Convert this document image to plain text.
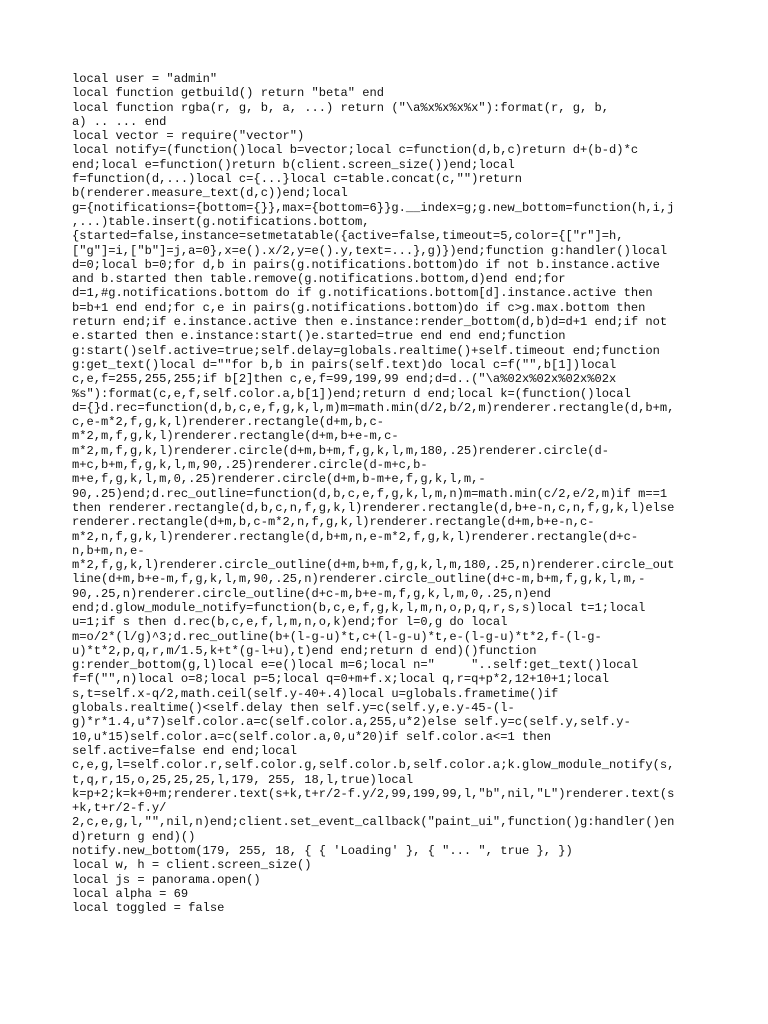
local user = "admin"
local function getbuild() return "beta" end
local function rgba(r, g, b, a, ...) return ("\a%x%x%x%x"):format(r, g, b,
a) .. ... end
local vector = require("vector")
local notify=(function()local b=vector;local c=function(d,b,c)return d+(b-d)*c
end;local e=function()return b(client.screen_size())end;local
f=function(d,...)local c={...}local c=table.concat(c,"")return
b(renderer.measure_text(d,c))end;local
g={notifications={bottom={}},max={bottom=6}}g.__index=g;g.new_bottom=function(h,i,j
,...)table.insert(g.notifications.bottom,
{started=false,instance=setmetatable({active=false,timeout=5,color={["r"]=h,
["g"]=i,["b"]=j,a=0},x=e().x/2,y=e().y,text=...},g)})end;function g:handler()local
d=0;local b=0;for d,b in pairs(g.notifications.bottom)do if not b.instance.active
and b.started then table.remove(g.notifications.bottom,d)end end;for
d=1,#g.notifications.bottom do if g.notifications.bottom[d].instance.active then
b=b+1 end end;for c,e in pairs(g.notifications.bottom)do if c>g.max.bottom then
return end;if e.instance.active then e.instance:render_bottom(d,b)d=d+1 end;if not
e.started then e.instance:start()e.started=true end end end;function
g:start()self.active=true;self.delay=globals.realtime()+self.timeout end;function
g:get_text()local d=""for b,b in pairs(self.text)do local c=f("",b[1])local
c,e,f=255,255,255;if b[2]then c,e,f=99,199,99 end;d=d..("\a%02x%02x%02x%02x
%s"):format(c,e,f,self.color.a,b[1])end;return d end;local k=(function()local
d={}d.rec=function(d,b,c,e,f,g,k,l,m)m=math.min(d/2,b/2,m)renderer.rectangle(d,b+m,
c,e-m*2,f,g,k,l)renderer.rectangle(d+m,b,c-
m*2,m,f,g,k,l)renderer.rectangle(d+m,b+e-m,c-
m*2,m,f,g,k,l)renderer.circle(d+m,b+m,f,g,k,l,m,180,.25)renderer.circle(d-
m+c,b+m,f,g,k,l,m,90,.25)renderer.circle(d-m+c,b-
m+e,f,g,k,l,m,0,.25)renderer.circle(d+m,b-m+e,f,g,k,l,m,-
90,.25)end;d.rec_outline=function(d,b,c,e,f,g,k,l,m,n)m=math.min(c/2,e/2,m)if m==1
then renderer.rectangle(d,b,c,n,f,g,k,l)renderer.rectangle(d,b+e-n,c,n,f,g,k,l)else
renderer.rectangle(d+m,b,c-m*2,n,f,g,k,l)renderer.rectangle(d+m,b+e-n,c-
m*2,n,f,g,k,l)renderer.rectangle(d,b+m,n,e-m*2,f,g,k,l)renderer.rectangle(d+c-
n,b+m,n,e-
m*2,f,g,k,l)renderer.circle_outline(d+m,b+m,f,g,k,l,m,180,.25,n)renderer.circle_out
line(d+m,b+e-m,f,g,k,l,m,90,.25,n)renderer.circle_outline(d+c-m,b+m,f,g,k,l,m,-
90,.25,n)renderer.circle_outline(d+c-m,b+e-m,f,g,k,l,m,0,.25,n)end
end;d.glow_module_notify=function(b,c,e,f,g,k,l,m,n,o,p,q,r,s,s)local t=1;local
u=1;if s then d.rec(b,c,e,f,l,m,n,o,k)end;for l=0,g do local
m=o/2*(l/g)^3;d.rec_outline(b+(l-g-u)*t,c+(l-g-u)*t,e-(l-g-u)*t*2,f-(l-g-
u)*t*2,p,q,r,m/1.5,k+t*(g-l+u),t)end end;return d end)()function
g:render_bottom(g,l)local e=e()local m=6;local n="     "..self:get_text()local
f=f("",n)local o=8;local p=5;local q=0+m+f.x;local q,r=q+p*2,12+10+1;local
s,t=self.x-q/2,math.ceil(self.y-40+.4)local u=globals.frametime()if
globals.realtime()<self.delay then self.y=c(self.y,e.y-45-(l-
g)*r*1.4,u*7)self.color.a=c(self.color.a,255,u*2)else self.y=c(self.y,self.y-
10,u*15)self.color.a=c(self.color.a,0,u*20)if self.color.a<=1 then
self.active=false end end;local
c,e,g,l=self.color.r,self.color.g,self.color.b,self.color.a;k.glow_module_notify(s,
t,q,r,15,o,25,25,25,l,179, 255, 18,l,true)local
k=p+2;k=k+0+m;renderer.text(s+k,t+r/2-f.y/2,99,199,99,l,"b",nil,"L")renderer.text(s
+k,t+r/2-f.y/
2,c,e,g,l,"",nil,n)end;client.set_event_callback("paint_ui",function()g:handler()en
d)return g end)()
notify.new_bottom(179, 255, 18, { { 'Loading' }, { "... ", true }, })
local w, h = client.screen_size()
local js = panorama.open()
local alpha = 69
local toggled = false
